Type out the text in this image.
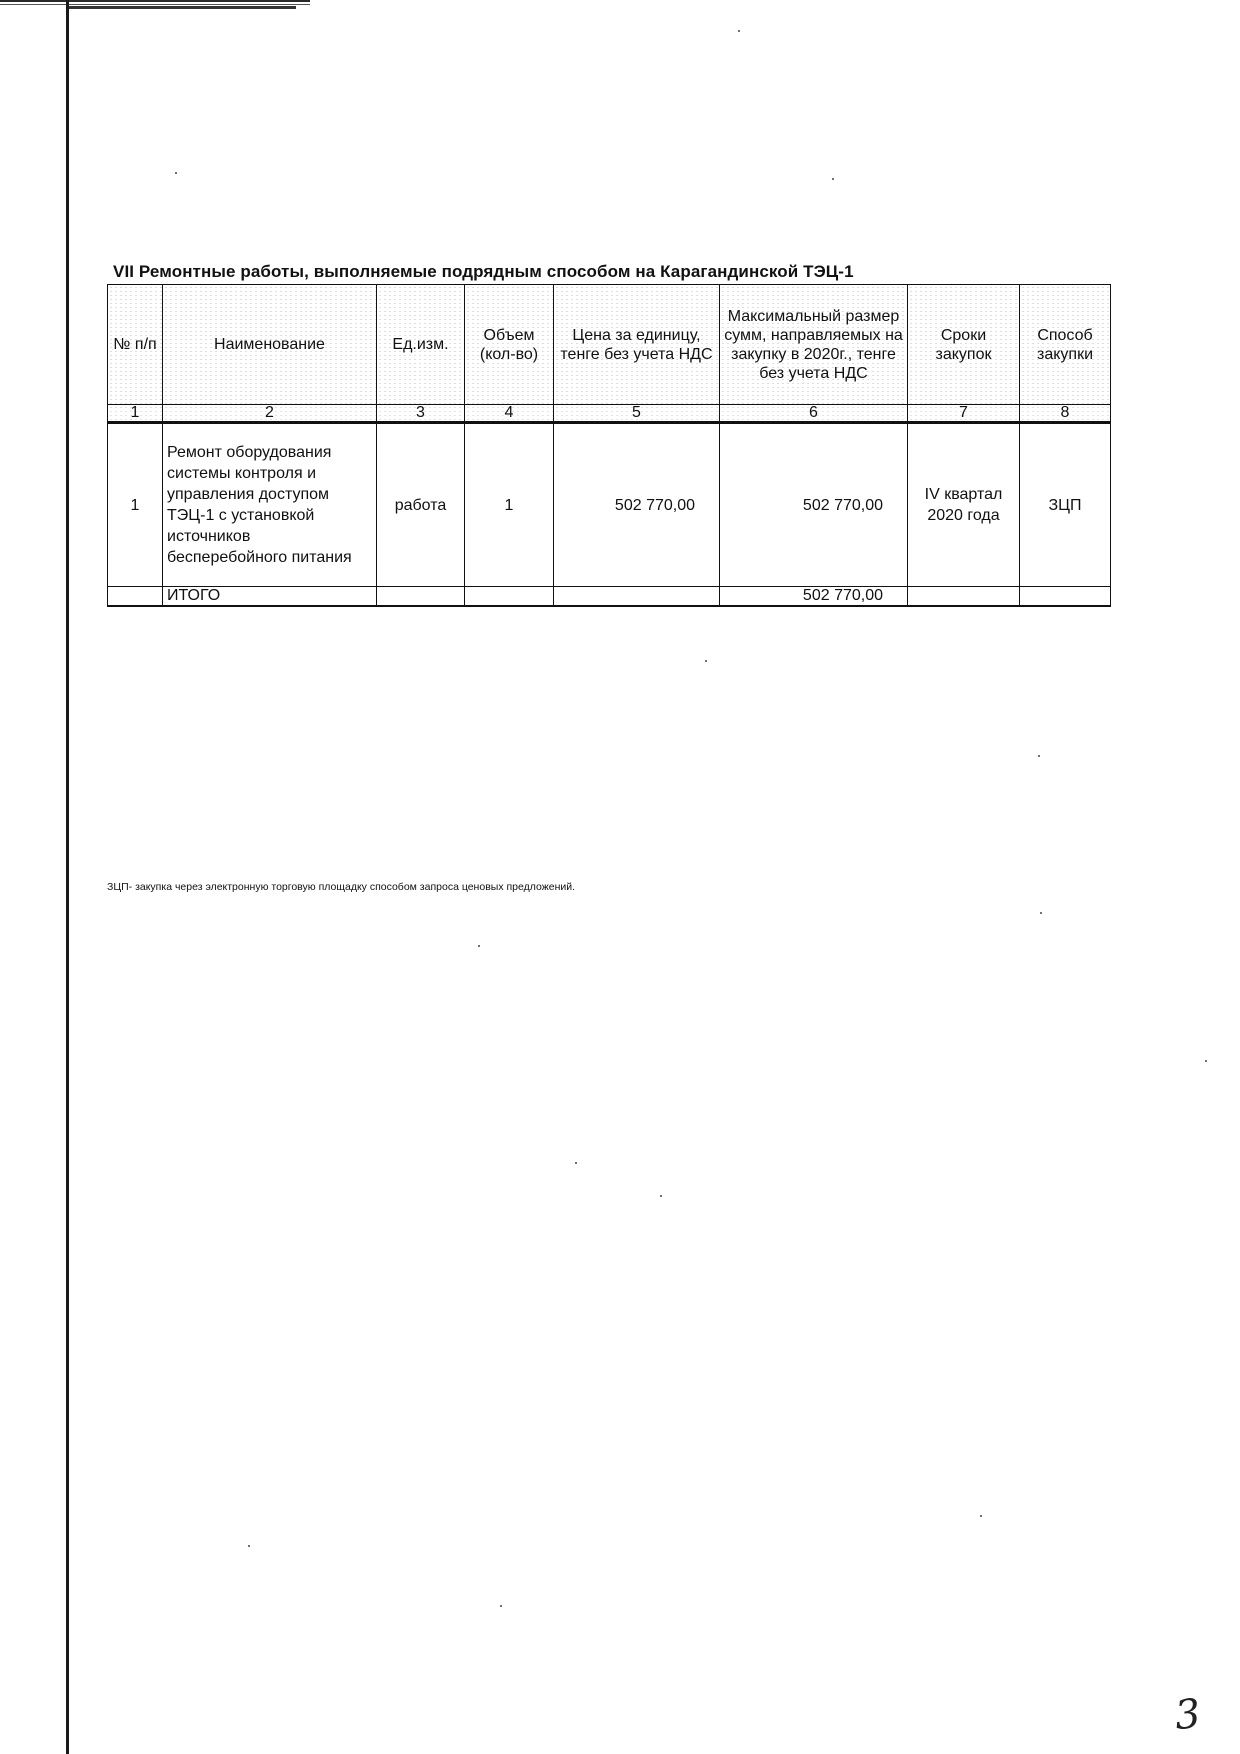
VII Ремонтные работы, выполняемые подрядным способом на Карагандинской ТЭЦ-1
№ п/п	Наименование	Ед.изм.	Объем (кол-во)	Цена за единицу, тенге без учета НДС	Максимальный размер сумм, направляемых на закупку в 2020г., тенге без учета НДС	Сроки закупок	Способ закупки
1	2	3	4	5	6	7	8
1	Ремонт оборудования системы контроля и управления доступом ТЭЦ-1 с установкой источников бесперебойного питания	работа	1	502 770,00	502 770,00	IV квартал 2020 года	ЗЦП
	ИТОГО				502 770,00		
ЗЦП- закупка через электронную торговую площадку способом запроса ценовых предложений.
3
